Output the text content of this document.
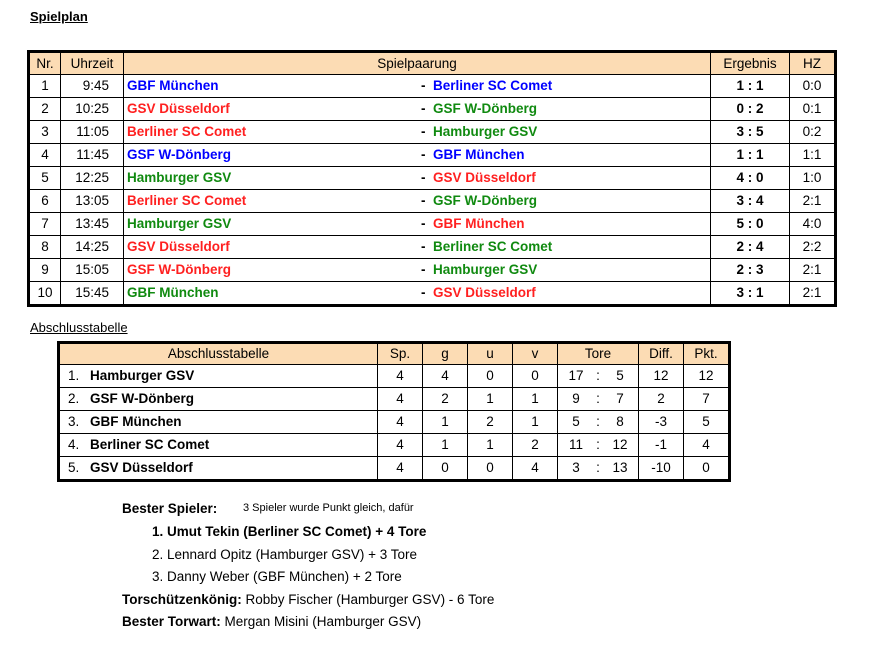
Spielplan
Nr.	Uhrzeit	Spielpaarung	Ergebnis	HZ
1	9:45	GBF München - Berliner SC Comet	1 : 1	0:0
2	10:25	GSV Düsseldorf - GSF W-Dönberg	0 : 2	0:1
3	11:05	Berliner SC Comet - Hamburger GSV	3 : 5	0:2
4	11:45	GSF W-Dönberg - GBF München	1 : 1	1:1
5	12:25	Hamburger GSV - GSV Düsseldorf	4 : 0	1:0
6	13:05	Berliner SC Comet - GSF W-Dönberg	3 : 4	2:1
7	13:45	Hamburger GSV - GBF München	5 : 0	4:0
8	14:25	GSV Düsseldorf - Berliner SC Comet	2 : 4	2:2
9	15:05	GSF W-Dönberg - Hamburger GSV	2 : 3	2:1
10	15:45	GBF München - GSV Düsseldorf	3 : 1	2:1
Abschlusstabelle
Abschlusstabelle		Sp.	g	u	v	Tore			Diff.	Pkt.
1.	Hamburger GSV	4	4	0	0	17	:	5	12	12
2.	GSF W-Dönberg	4	2	1	1	9	:	7	2	7
3.	GBF München	4	1	2	1	5	:	8	-3	5
4.	Berliner SC Comet	4	1	1	2	11	:	12	-1	4
5.	GSV Düsseldorf	4	0	0	4	3	:	13	-10	0
Bester Spieler: 3 Spieler wurde Punkt gleich, dafür
1. Umut Tekin (Berliner SC Comet) + 4 Tore
2. Lennard Opitz (Hamburger GSV) + 3 Tore
3. Danny Weber (GBF München) + 2 Tore
Torschützenkönig: Robby Fischer (Hamburger GSV) - 6 Tore
Bester Torwart: Mergan Misini (Hamburger GSV)
